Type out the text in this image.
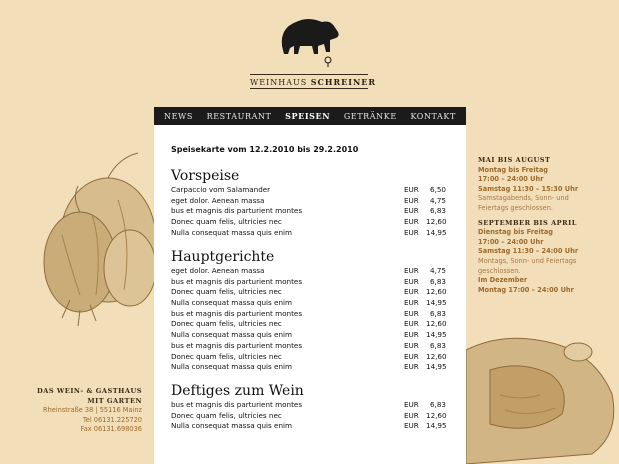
WEINHAUS SCHREINER
NEWS RESTAURANT SPEISEN GETRÄNKE KONTAKT
Speisekarte vom 12.2.2010 bis 29.2.2010
Vorspeise
Carpaccio vom Salamander	EUR	6,50
eget dolor. Aenean massa	EUR	4,75
bus et magnis dis parturient montes	EUR	6,83
Donec quam felis, ultricies nec	EUR	12,60
Nulla consequat massa quis enim	EUR	14,95
Hauptgerichte
eget dolor. Aenean massa	EUR	4,75
bus et magnis dis parturient montes	EUR	6,83
Donec quam felis, ultricies nec	EUR	12,60
Nulla consequat massa quis enim	EUR	14,95
bus et magnis dis parturient montes	EUR	6,83
Donec quam felis, ultricies nec	EUR	12,60
Nulla consequat massa quis enim	EUR	14,95
bus et magnis dis parturient montes	EUR	6,83
Donec quam felis, ultricies nec	EUR	12,60
Nulla consequat massa quis enim	EUR	14,95
Deftiges zum Wein
bus et magnis dis parturient montes	EUR	6,83
Donec quam felis, ultricies nec	EUR	12,60
Nulla consequat massa quis enim	EUR	14,95
MAI BIS AUGUST
Montag bis Freitag
17:00 – 24:00 Uhr
Samstag 11:30 – 15:30 Uhr
Samstagabends, Sonn- und
Feiertags geschlossen.
SEPTEMBER BIS APRIL
Dienstag bis Freitag
17:00 – 24:00 Uhr
Samstag 11:30 – 24:00 Uhr
Montags, Sonn- und Feiertags
geschlossen.
Im Dezember
Montag 17:00 – 24:00 Uhr
DAS WEIN- & GASTHAUS
MIT GARTEN
Rheinstraße 38 | 55116 Mainz
Tel 06131.225720
Fax 06131.698036
